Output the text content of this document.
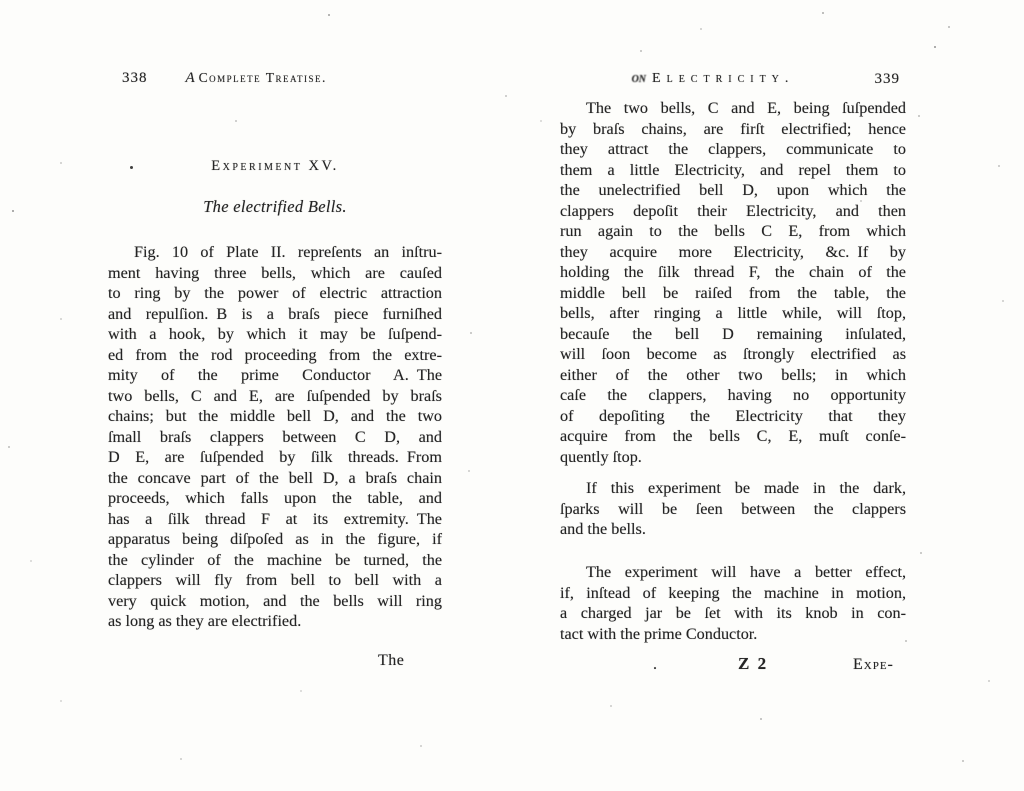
338	A Complete Treatise.
Experiment XV.
The electrified Bells.
Fig. 10 of Plate II. repreſents an inſtru-
ment having three bells, which are cauſed
to ring by the power of electric attraction
and repulſion. B is a braſs piece furniſhed
with a hook, by which it may be ſuſpend-
ed from the rod proceeding from the extre-
mity of the prime Conductor A. The
two bells, C and E, are ſuſpended by braſs
chains; but the middle bell D, and the two
ſmall braſs clappers between C D, and
D E, are ſuſpended by ſilk threads. From
the concave part of the bell D, a braſs chain
proceeds, which falls upon the table, and
has a ſilk thread F at its extremity. The
apparatus being diſpoſed as in the figure, if
the cylinder of the machine be turned, the
clappers will fly from bell to bell with a
very quick motion, and the bells will ring
as long as they are electrified.
The
on Electricity.	339
The two bells, C and E, being ſuſpended
by braſs chains, are firſt electrified; hence
they attract the clappers, communicate to
them a little Electricity, and repel them to
the unelectrified bell D, upon which the
clappers depoſit their Electricity, and then
run again to the bells C E, from which
they acquire more Electricity, &c. If by
holding the ſilk thread F, the chain of the
middle bell be raiſed from the table, the
bells, after ringing a little while, will ſtop,
becauſe the bell D remaining inſulated,
will ſoon become as ſtrongly electrified as
either of the other two bells; in which
caſe the clappers, having no opportunity
of depoſiting the Electricity that they
acquire from the bells C, E, muſt conſe-
quently ſtop.
If this experiment be made in the dark,
ſparks will be ſeen between the clappers
and the bells.
The experiment will have a better effect,
if, inſtead of keeping the machine in motion,
a charged jar be ſet with its knob in con-
tact with the prime Conductor.
.	Z 2	Expe-
